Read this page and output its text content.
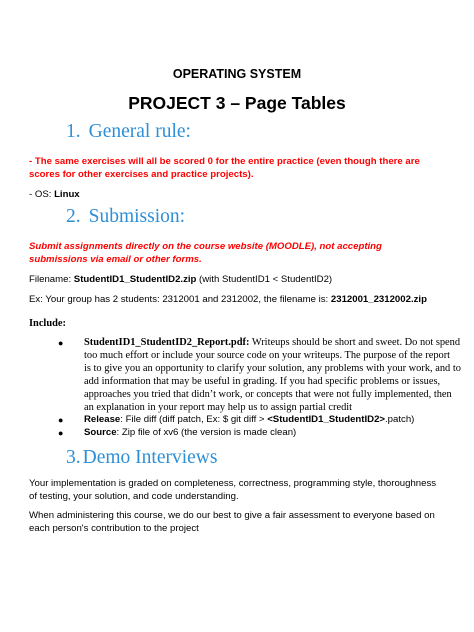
OPERATING SYSTEM
PROJECT 3 – Page Tables
1. General rule:
- The same exercises will all be scored 0 for the entire practice (even though there are
scores for other exercises and practice projects).
- OS: Linux
2. Submission:
Submit assignments directly on the course website (MOODLE), not accepting
submissions via email or other forms.
Filename: StudentID1_StudentID2.zip (with StudentID1 < StudentID2)
Ex: Your group has 2 students: 2312001 and 2312002, the filename is: 2312001_2312002.zip
Include:
● StudentID1_StudentID2_Report.pdf: Writeups should be short and sweet. Do not spend
too much effort or include your source code on your writeups. The purpose of the report
is to give you an opportunity to clarify your solution, any problems with your work, and to
add information that may be useful in grading. If you had specific problems or issues,
approaches you tried that didn’t work, or concepts that were not fully implemented, then
an explanation in your report may help us to assign partial credit
● Release: File diff (diff patch, Ex: $ git diff > <StudentID1_StudentID2>.patch)
● Source: Zip file of xv6 (the version is made clean)
3. Demo Interviews
Your implementation is graded on completeness, correctness, programming style, thoroughness
of testing, your solution, and code understanding.
When administering this course, we do our best to give a fair assessment to everyone based on
each person's contribution to the project
